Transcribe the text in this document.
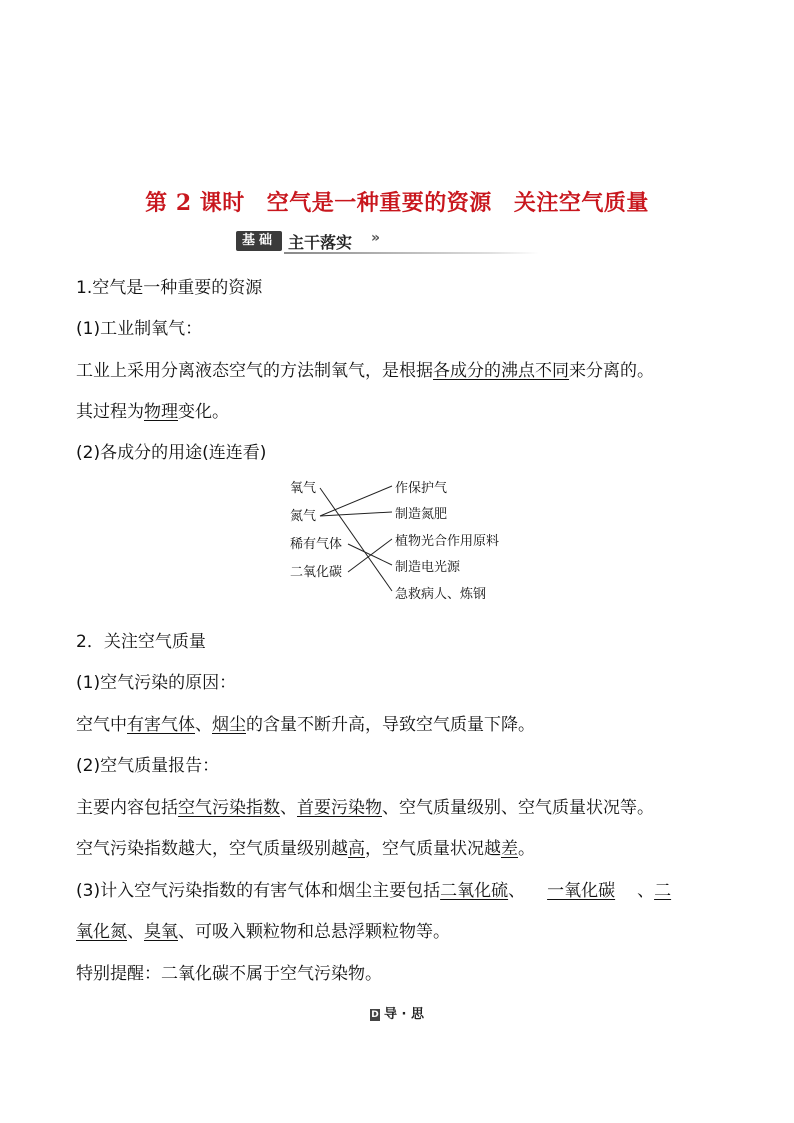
第 2 课时 空气是一种重要的资源 关注空气质量
基础 主干落实 »
1.空气是一种重要的资源
(1)工业制氧气：
工业上采用分离液态空气的方法制氧气，是根据各成分的沸点不同来分离的。
其过程为物理变化。
(2)各成分的用途(连连看)
氧气
氮气
稀有气体
二氧化碳
作保护气
制造氮肥
植物光合作用原料
制造电光源
急救病人、炼钢
2．关注空气质量
(1)空气污染的原因：
空气中有害气体、烟尘的含量不断升高，导致空气质量下降。
(2)空气质量报告：
主要内容包括空气污染指数、首要污染物、空气质量级别、空气质量状况等。
空气污染指数越大，空气质量级别越高，空气质量状况越差。
(3)计入空气污染指数的有害气体和烟尘主要包括二氧化硫、 一氧化碳 、二
氧化氮、臭氧、可吸入颗粒物和总悬浮颗粒物等。
特别提醒：二氧化碳不属于空气污染物。
D 导 · 思
